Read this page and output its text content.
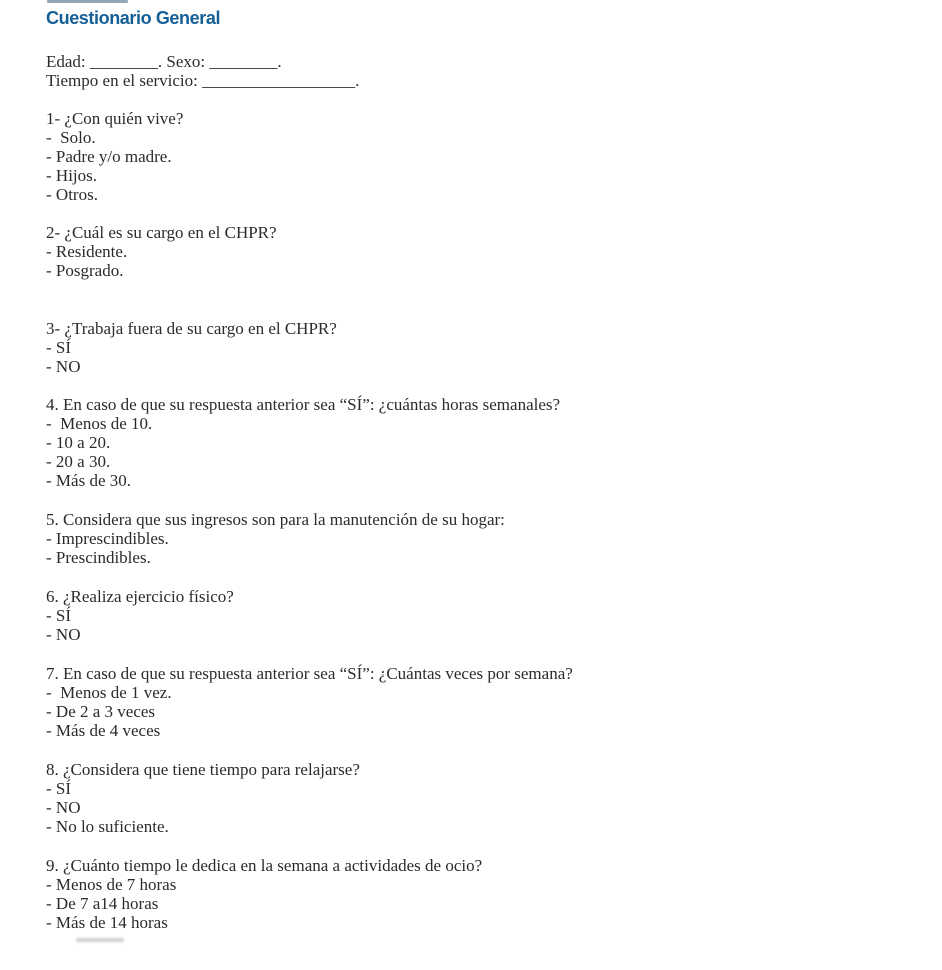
Cuestionario General
Edad: ________. Sexo: ________.
Tiempo en el servicio: __________________.
1- ¿Con quién vive?
-  Solo.
- Padre y/o madre.
- Hijos.
- Otros.
2- ¿Cuál es su cargo en el CHPR?
- Residente.
- Posgrado.
3- ¿Trabaja fuera de su cargo en el CHPR?
- SÍ
- NO
4. En caso de que su respuesta anterior sea “SÍ”: ¿cuántas horas semanales?
-  Menos de 10.
- 10 a 20.
- 20 a 30.
- Más de 30.
5. Considera que sus ingresos son para la manutención de su hogar:
- Imprescindibles.
- Prescindibles.
6. ¿Realiza ejercicio físico?
- SÍ
- NO
7. En caso de que su respuesta anterior sea “SÍ”: ¿Cuántas veces por semana?
-  Menos de 1 vez.
- De 2 a 3 veces
- Más de 4 veces
8. ¿Considera que tiene tiempo para relajarse?
- SÍ
- NO
- No lo suficiente.
9. ¿Cuánto tiempo le dedica en la semana a actividades de ocio?
- Menos de 7 horas
- De 7 a14 horas
- Más de 14 horas
